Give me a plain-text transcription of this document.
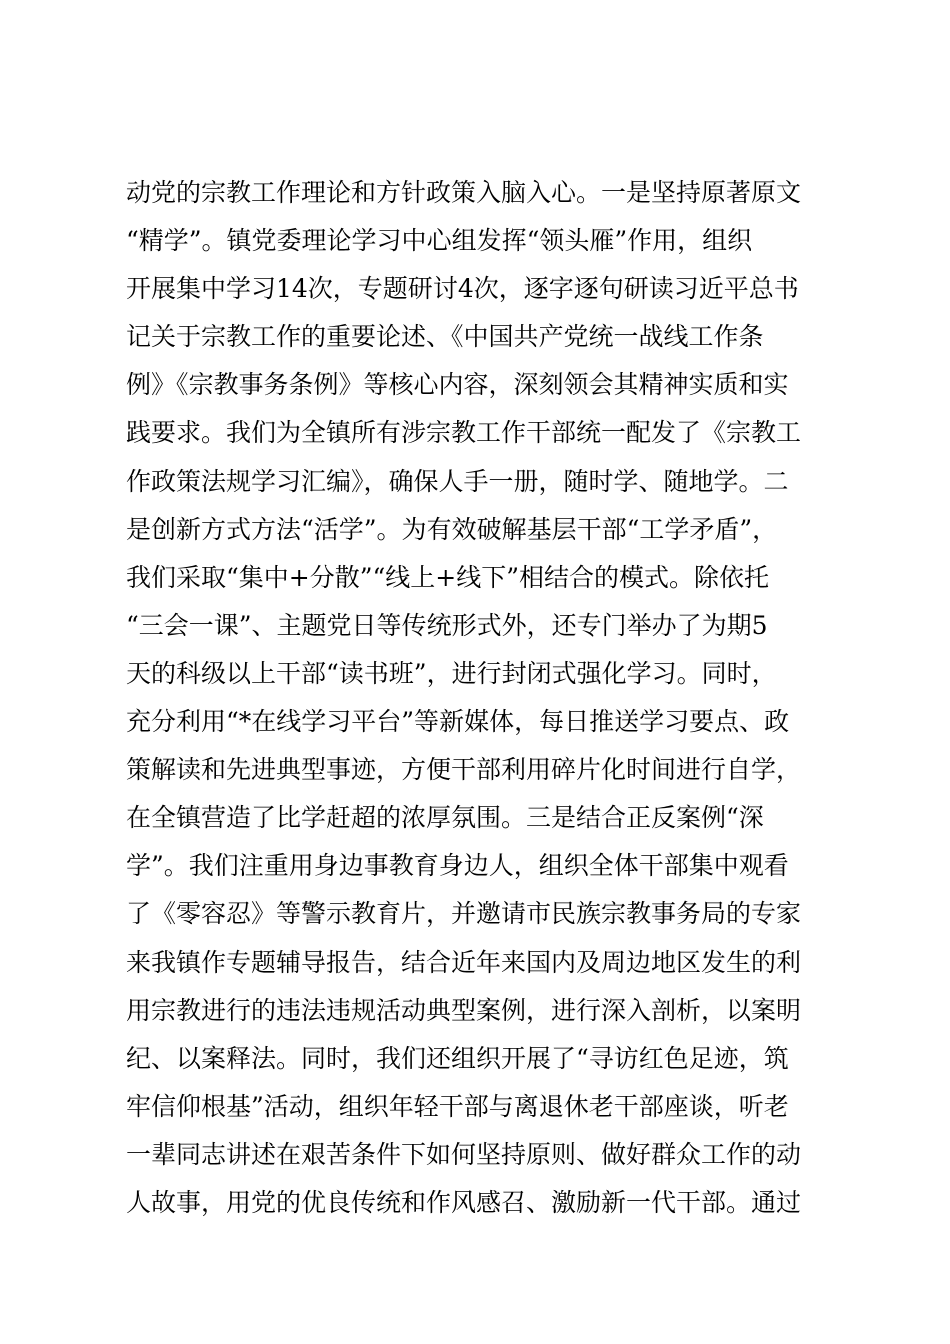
动党的宗教工作理论和方针政策入脑入心。一是坚持原著原文
“精学”。镇党委理论学习中心组发挥“领头雁”作用，组织
开展集中学习14次，专题研讨4次，逐字逐句研读习近平总书
记关于宗教工作的重要论述、《中国共产党统一战线工作条
例》《宗教事务条例》等核心内容，深刻领会其精神实质和实
践要求。我们为全镇所有涉宗教工作干部统一配发了《宗教工
作政策法规学习汇编》，确保人手一册，随时学、随地学。二
是创新方式方法“活学”。为有效破解基层干部“工学矛盾”，
我们采取“集中+分散”“线上+线下”相结合的模式。除依托
“三会一课”、主题党日等传统形式外，还专门举办了为期5
天的科级以上干部“读书班”，进行封闭式强化学习。同时，
充分利用“*在线学习平台”等新媒体，每日推送学习要点、政
策解读和先进典型事迹，方便干部利用碎片化时间进行自学，
在全镇营造了比学赶超的浓厚氛围。三是结合正反案例“深
学”。我们注重用身边事教育身边人，组织全体干部集中观看
了《零容忍》等警示教育片，并邀请市民族宗教事务局的专家
来我镇作专题辅导报告，结合近年来国内及周边地区发生的利
用宗教进行的违法违规活动典型案例，进行深入剖析，以案明
纪、以案释法。同时，我们还组织开展了“寻访红色足迹，筑
牢信仰根基”活动，组织年轻干部与离退休老干部座谈，听老
一辈同志讲述在艰苦条件下如何坚持原则、做好群众工作的动
人故事，用党的优良传统和作风感召、激励新一代干部。通过
